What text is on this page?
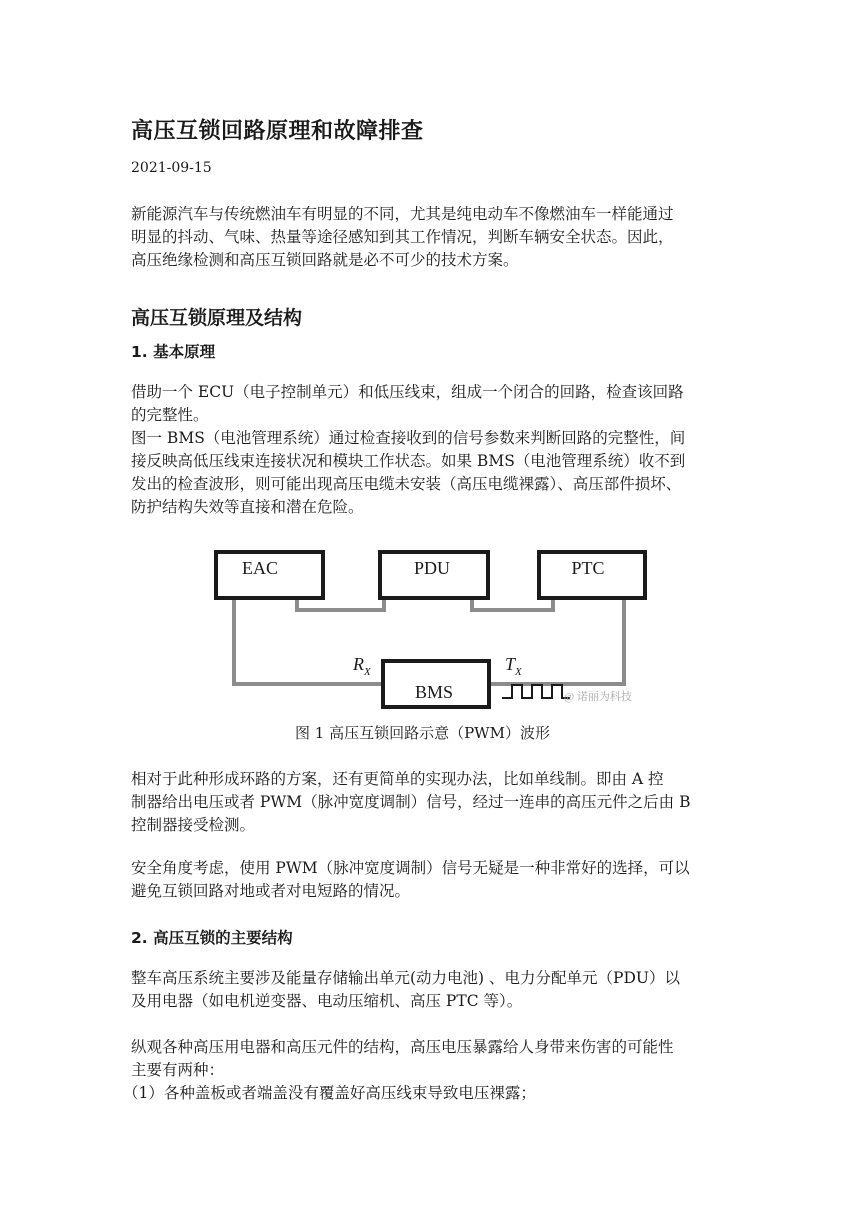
高压互锁回路原理和故障排查
2021-09-15
新能源汽车与传统燃油车有明显的不同，尤其是纯电动车不像燃油车一样能通过
明显的抖动、气味、热量等途径感知到其工作情况，判断车辆安全状态。因此，
高压绝缘检测和高压互锁回路就是必不可少的技术方案。
高压互锁原理及结构
1. 基本原理
借助一个 ECU（电子控制单元）和低压线束，组成一个闭合的回路，检查该回路
的完整性。
图一 BMS（电池管理系统）通过检查接收到的信号参数来判断回路的完整性，间
接反映高低压线束连接状况和模块工作状态。如果 BMS（电池管理系统）收不到
发出的检查波形，则可能出现高压电缆未安装（高压电缆裸露）、高压部件损坏、
防护结构失效等直接和潜在危险。
EAC	PDU	PTC
BMS
$R_X$	$T_X$
@ 诺丽为科技
图 1 高压互锁回路示意（PWM）波形
相对于此种形成环路的方案，还有更简单的实现办法，比如单线制。即由 A 控
制器给出电压或者 PWM（脉冲宽度调制）信号，经过一连串的高压元件之后由 B
控制器接受检测。
安全角度考虑，使用 PWM（脉冲宽度调制）信号无疑是一种非常好的选择，可以
避免互锁回路对地或者对电短路的情况。
2. 高压互锁的主要结构
整车高压系统主要涉及能量存储输出单元(动力电池) 、电力分配单元（PDU）以
及用电器（如电机逆变器、电动压缩机、高压 PTC 等）。
纵观各种高压用电器和高压元件的结构，高压电压暴露给人身带来伤害的可能性
主要有两种：
（1）各种盖板或者端盖没有覆盖好高压线束导致电压裸露；
